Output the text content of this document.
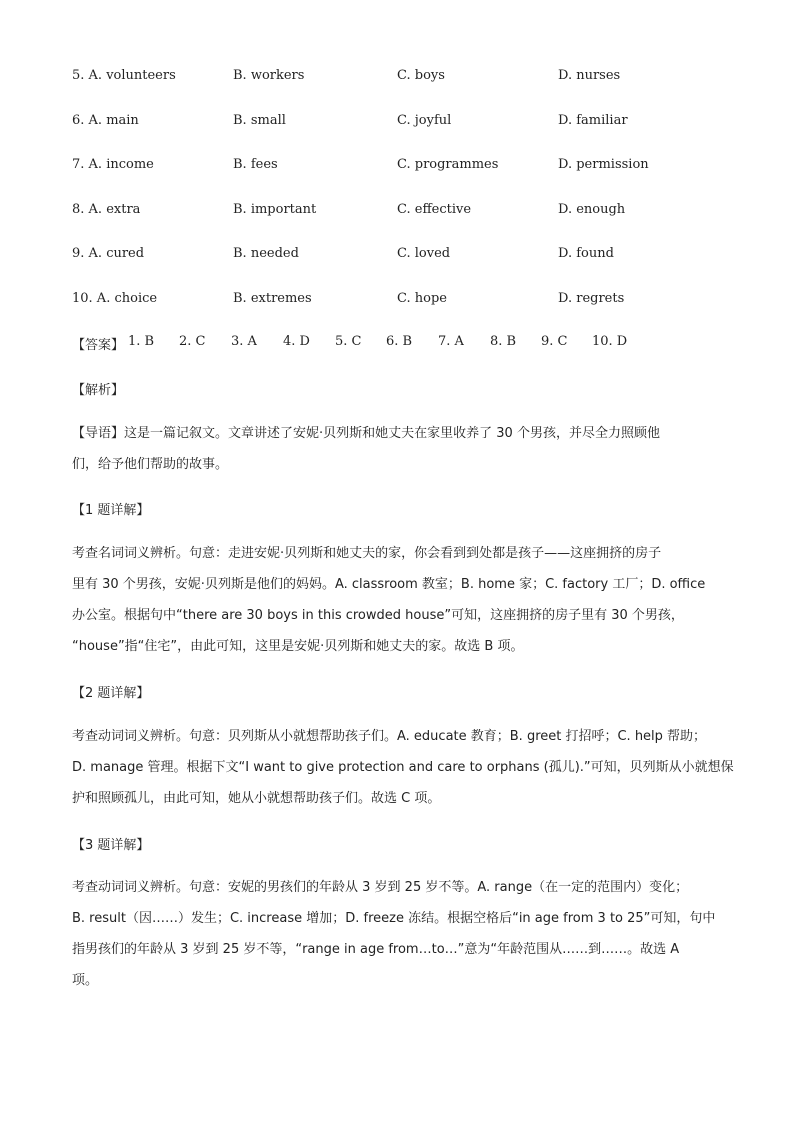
5. A. volunteers	B. workers	C. boys	D. nurses
6. A. main	B. small	C. joyful	D. familiar
7. A. income	B. fees	C. programmes	D. permission
8. A. extra	B. important	C. effective	D. enough
9. A. cured	B. needed	C. loved	D. found
10. A. choice	B. extremes	C. hope	D. regrets
【答案】 1. B 2. C 3. A 4. D 5. C 6. B 7. A 8. B 9. C 10. D
【解析】
【导语】这是一篇记叙文。文章讲述了安妮·贝列斯和她丈夫在家里收养了 30 个男孩，并尽全力照顾他
们，给予他们帮助的故事。
【1 题详解】
考查名词词义辨析。句意：走进安妮·贝列斯和她丈夫的家，你会看到到处都是孩子——这座拥挤的房子
里有 30 个男孩，安妮·贝列斯是他们的妈妈。A. classroom 教室；B. home 家；C. factory 工厂；D. office
办公室。根据句中“there are 30 boys in this crowded house”可知，这座拥挤的房子里有 30 个男孩，
“house”指“住宅”，由此可知，这里是安妮·贝列斯和她丈夫的家。故选 B 项。
【2 题详解】
考查动词词义辨析。句意：贝列斯从小就想帮助孩子们。A. educate 教育；B. greet 打招呼；C. help 帮助；
D. manage 管理。根据下文“I want to give protection and care to orphans (孤儿).”可知，贝列斯从小就想保
护和照顾孤儿，由此可知，她从小就想帮助孩子们。故选 C 项。
【3 题详解】
考查动词词义辨析。句意：安妮的男孩们的年龄从 3 岁到 25 岁不等。A. range（在一定的范围内）变化；
B. result（因……）发生；C. increase 增加；D. freeze 冻结。根据空格后“in age from 3 to 25”可知，句中
指男孩们的年龄从 3 岁到 25 岁不等，“range in age from…to…”意为“年龄范围从……到……。故选 A
项。
